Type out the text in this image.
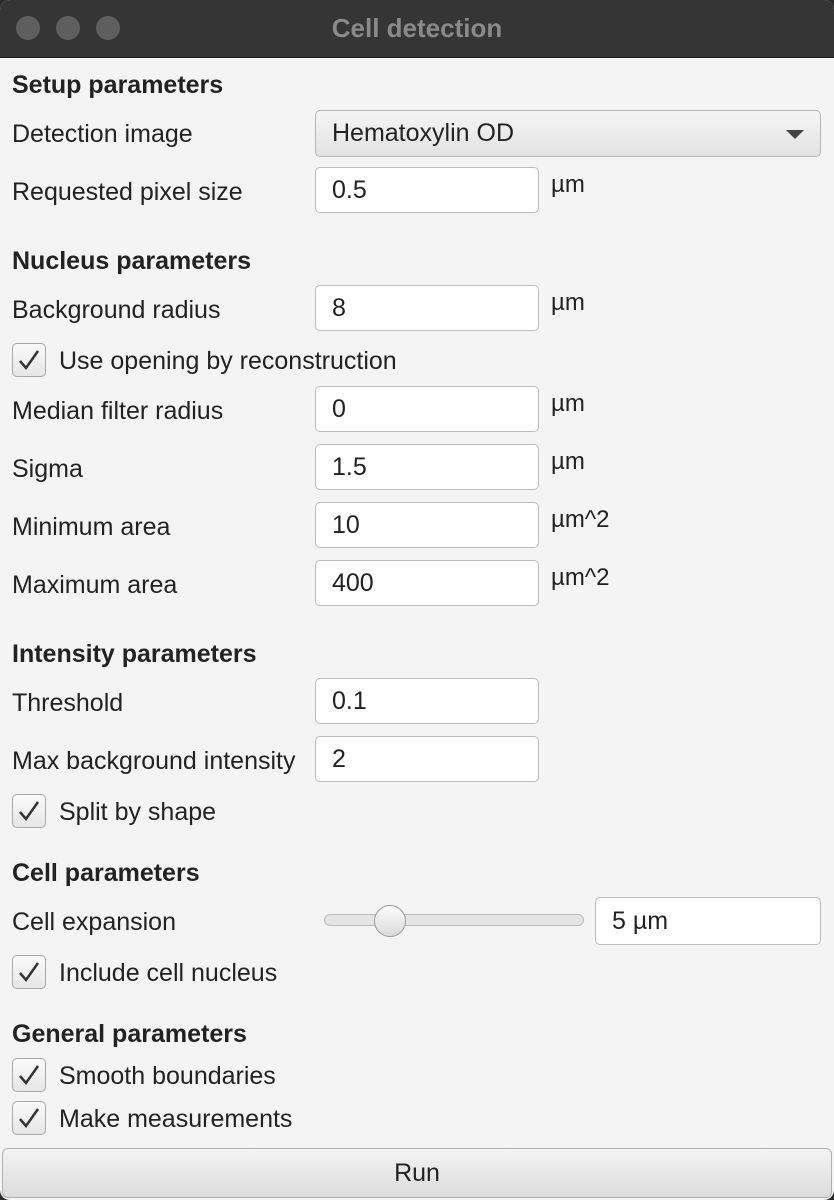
Cell detection
Setup parameters
Detection image	Hematoxylin OD
Requested pixel size	0.5	µm
Nucleus parameters
Background radius	8	µm
Use opening by reconstruction
Median filter radius	0	µm
Sigma	1.5	µm
Minimum area	10	µm^2
Maximum area	400	µm^2
Intensity parameters
Threshold	0.1
Max background intensity	2
Split by shape
Cell parameters
Cell expansion	5 µm
Include cell nucleus
General parameters
Smooth boundaries
Make measurements
Run
